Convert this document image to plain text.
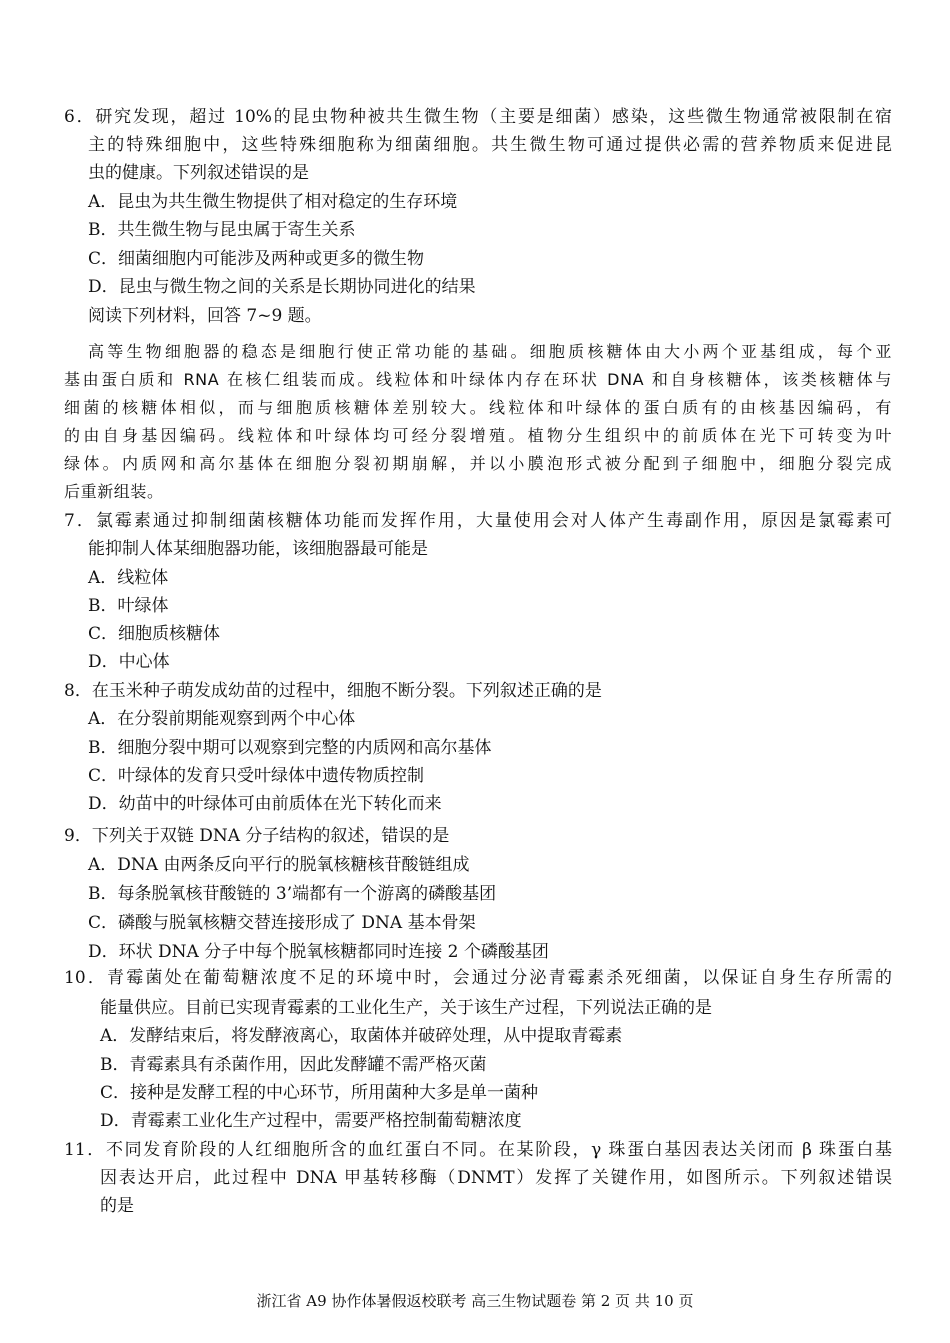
6．研究发现，超过 10%的昆虫物种被共生微生物（主要是细菌）感染，这些微生物通常被限制在宿
主的特殊细胞中，这些特殊细胞称为细菌细胞。共生微生物可通过提供必需的营养物质来促进昆
虫的健康。下列叙述错误的是
A．昆虫为共生微生物提供了相对稳定的生存环境
B．共生微生物与昆虫属于寄生关系
C．细菌细胞内可能涉及两种或更多的微生物
D．昆虫与微生物之间的关系是长期协同进化的结果
阅读下列材料，回答 7~9 题。
高等生物细胞器的稳态是细胞行使正常功能的基础。细胞质核糖体由大小两个亚基组成，每个亚
基由蛋白质和 RNA 在核仁组装而成。线粒体和叶绿体内存在环状 DNA 和自身核糖体，该类核糖体与
细菌的核糖体相似，而与细胞质核糖体差别较大。线粒体和叶绿体的蛋白质有的由核基因编码，有
的由自身基因编码。线粒体和叶绿体均可经分裂增殖。植物分生组织中的前质体在光下可转变为叶
绿体。内质网和高尔基体在细胞分裂初期崩解，并以小膜泡形式被分配到子细胞中，细胞分裂完成
后重新组装。
7．氯霉素通过抑制细菌核糖体功能而发挥作用，大量使用会对人体产生毒副作用，原因是氯霉素可
能抑制人体某细胞器功能，该细胞器最可能是
A．线粒体
B．叶绿体
C．细胞质核糖体
D．中心体
8．在玉米种子萌发成幼苗的过程中，细胞不断分裂。下列叙述正确的是
A．在分裂前期能观察到两个中心体
B．细胞分裂中期可以观察到完整的内质网和高尔基体
C．叶绿体的发育只受叶绿体中遗传物质控制
D．幼苗中的叶绿体可由前质体在光下转化而来
9．下列关于双链 DNA 分子结构的叙述，错误的是
A．DNA 由两条反向平行的脱氧核糖核苷酸链组成
B．每条脱氧核苷酸链的 3’端都有一个游离的磷酸基团
C．磷酸与脱氧核糖交替连接形成了 DNA 基本骨架
D．环状 DNA 分子中每个脱氧核糖都同时连接 2 个磷酸基团
10．青霉菌处在葡萄糖浓度不足的环境中时，会通过分泌青霉素杀死细菌，以保证自身生存所需的
能量供应。目前已实现青霉素的工业化生产，关于该生产过程，下列说法正确的是
A．发酵结束后，将发酵液离心，取菌体并破碎处理，从中提取青霉素
B．青霉素具有杀菌作用，因此发酵罐不需严格灭菌
C．接种是发酵工程的中心环节，所用菌种大多是单一菌种
D．青霉素工业化生产过程中，需要严格控制葡萄糖浓度
11．不同发育阶段的人红细胞所含的血红蛋白不同。在某阶段，γ 珠蛋白基因表达关闭而 β 珠蛋白基
因表达开启，此过程中 DNA 甲基转移酶（DNMT）发挥了关键作用，如图所示。下列叙述错误
的是
浙江省 A9 协作体暑假返校联考 高三生物试题卷 第 2 页 共 10 页
